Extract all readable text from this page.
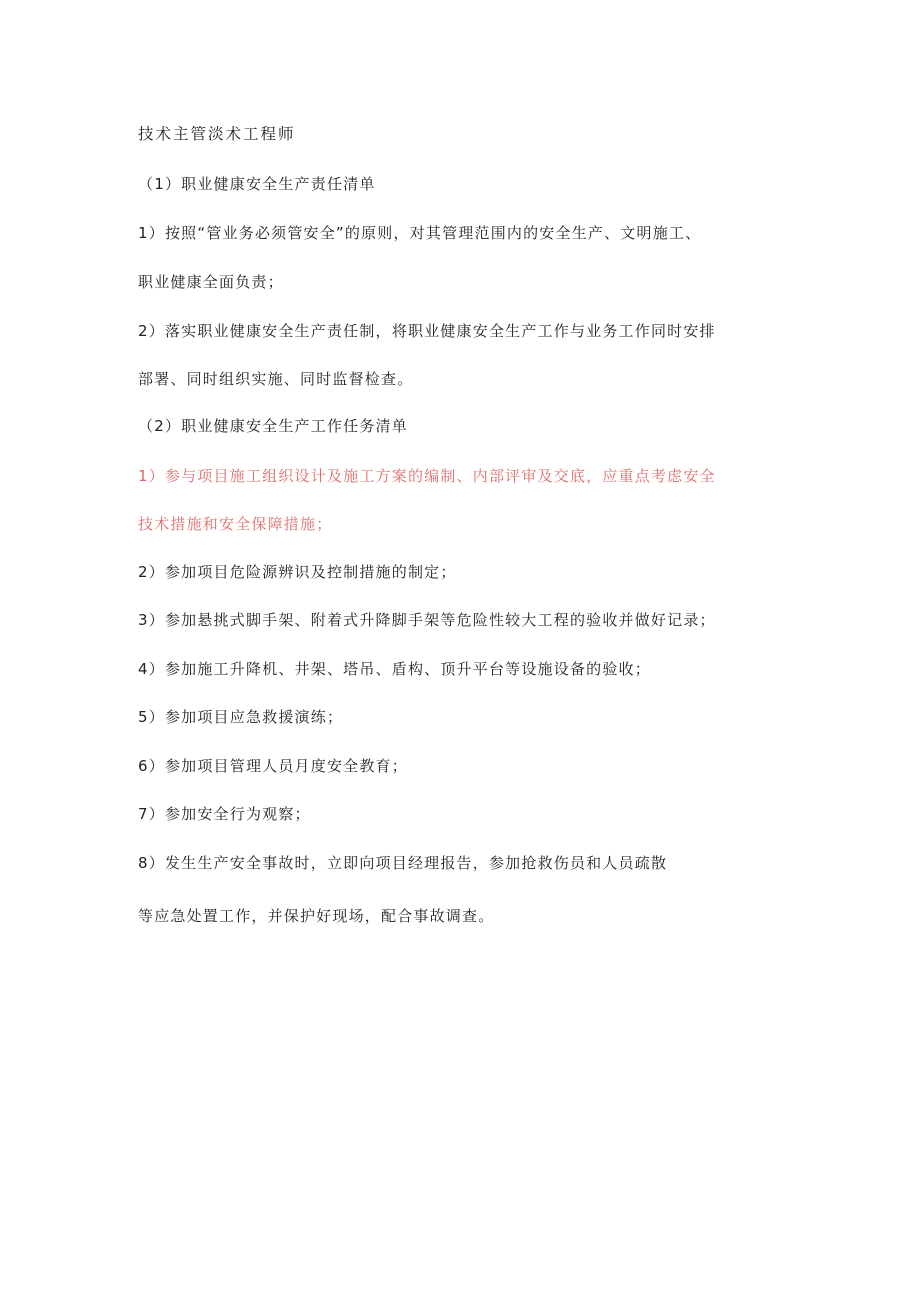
技术主管淡术工程师
（1）职业健康安全生产责任清单
1）按照“管业务必须管安全”的原则，对其管理范围内的安全生产、文明施工、
职业健康全面负责；
2）落实职业健康安全生产责任制，将职业健康安全生产工作与业务工作同时安排
部署、同时组织实施、同时监督检查。
（2）职业健康安全生产工作任务清单
1）参与项目施工组织设计及施工方案的编制、内部评审及交底，应重点考虑安全
技术措施和安全保障措施；
2）参加项目危险源辨识及控制措施的制定；
3）参加悬挑式脚手架、附着式升降脚手架等危险性较大工程的验收并做好记录；
4）参加施工升降机、井架、塔吊、盾构、顶升平台等设施设备的验收；
5）参加项目应急救援演练；
6）参加项目管理人员月度安全教育；
7）参加安全行为观察；
8）发生生产安全事故时，立即向项目经理报告，参加抢救伤员和人员疏散
等应急处置工作，并保护好现场，配合事故调查。
